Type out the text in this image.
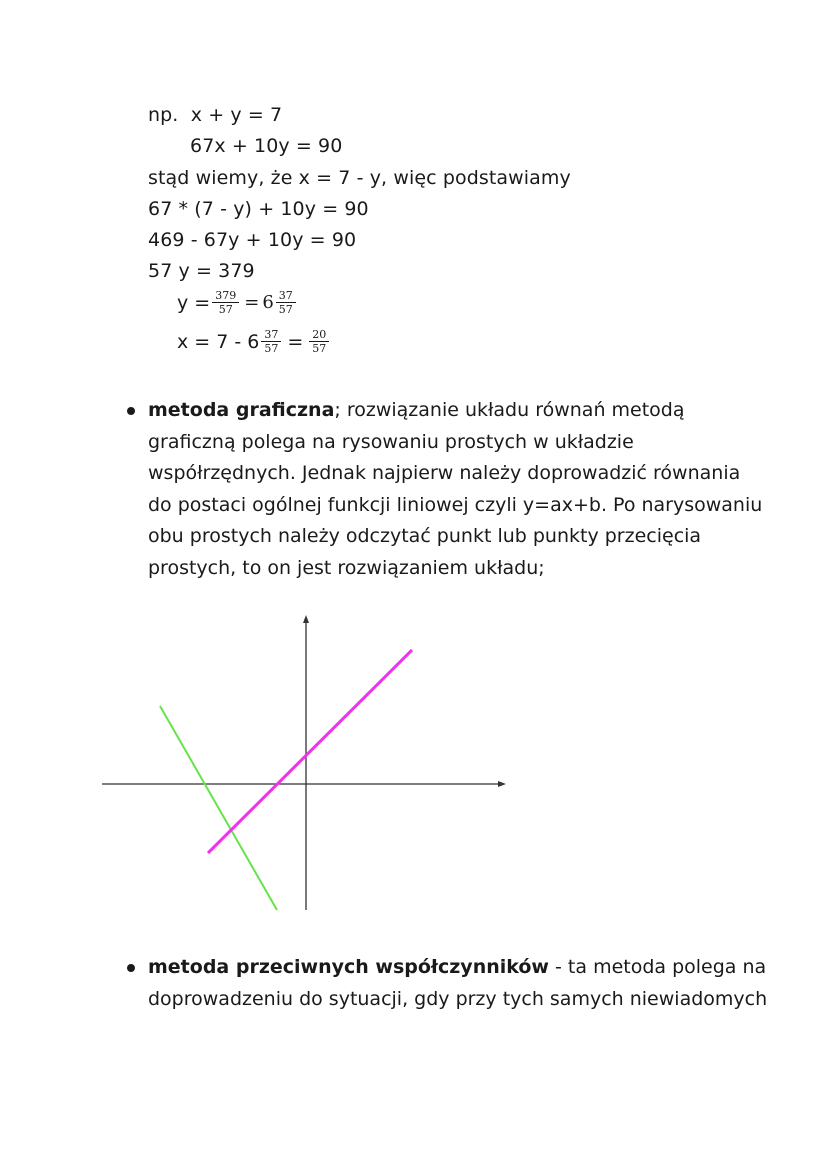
np. x + y = 7
67x + 10y = 90
stąd wiemy, że x = 7 - y, więc podstawiamy
67 * (7 - y) + 10y = 90
469 - 67y + 10y = 90
57 y = 379
$y = \frac{379}{57} = 6 \frac{37}{57}$
$x = 7 - 6 \frac{37}{57} = \frac{20}{57}$
metoda graficzna; rozwiązanie układu równań metodą graficzną polega na rysowaniu prostych w układzie współrzędnych. Jednak najpierw należy doprowadzić równania do postaci ogólnej funkcji liniowej czyli y=ax+b. Po narysowaniu obu prostych należy odczytać punkt lub punkty przecięcia prostych, to on jest rozwiązaniem układu;
metoda przeciwnych współczynników - ta metoda polega na doprowadzeniu do sytuacji, gdy przy tych samych niewiadomych
